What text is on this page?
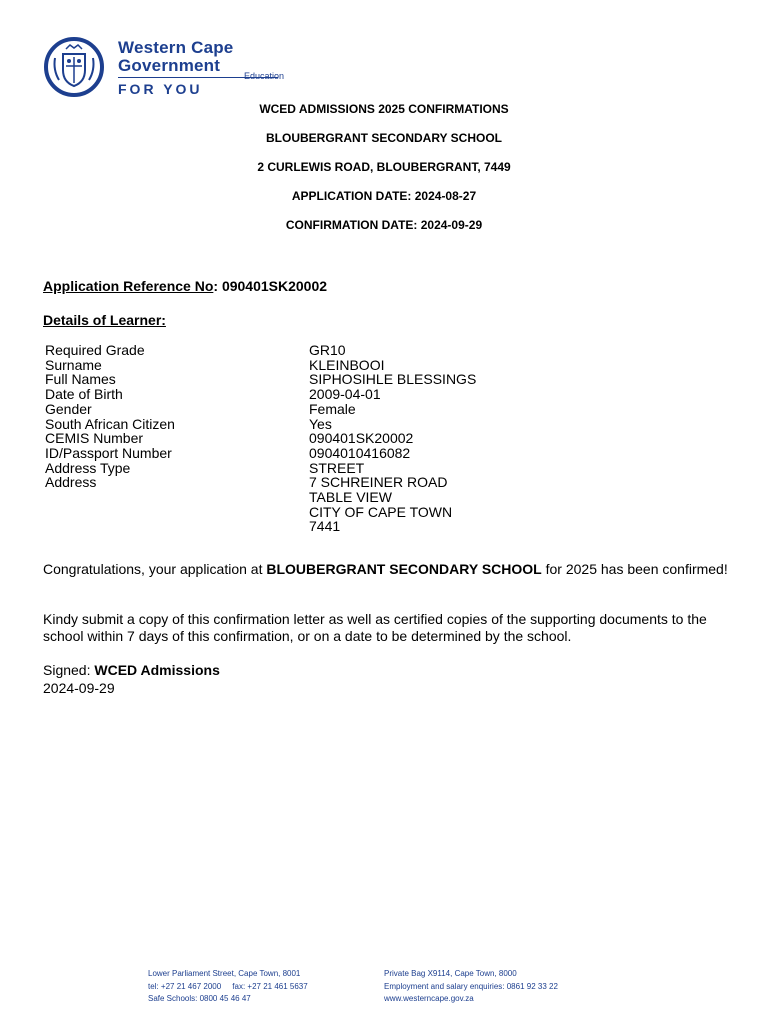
Western Cape
Government
Education
FOR YOU
WCED ADMISSIONS 2025 CONFIRMATIONS
BLOUBERGRANT SECONDARY SCHOOL
2 CURLEWIS ROAD, BLOUBERGRANT, 7449
APPLICATION DATE: 2024-08-27
CONFIRMATION DATE: 2024-09-29
Application Reference No: 090401SK20002
Details of Learner:
Required Grade	GR10
Surname	KLEINBOOI
Full Names	SIPHOSIHLE BLESSINGS
Date of Birth	2009-04-01
Gender	Female
South African Citizen	Yes
CEMIS Number	090401SK20002
ID/Passport Number	0904010416082
Address Type	STREET
Address	7 SCHREINER ROAD
TABLE VIEW
CITY OF CAPE TOWN
7441
Congratulations, your application at BLOUBERGRANT SECONDARY SCHOOL for 2025 has been confirmed!
Kindy submit a copy of this confirmation letter as well as certified copies of the supporting documents to the school within 7 days of this confirmation, or on a date to be determined by the school.
Signed: WCED Admissions
2024-09-29
Lower Parliament Street, Cape Town, 8001
tel: +27 21 467 2000     fax: +27 21 461 5637
Safe Schools: 0800 45 46 47
Private Bag X9114, Cape Town, 8000
Employment and salary enquiries: 0861 92 33 22
www.westerncape.gov.za
